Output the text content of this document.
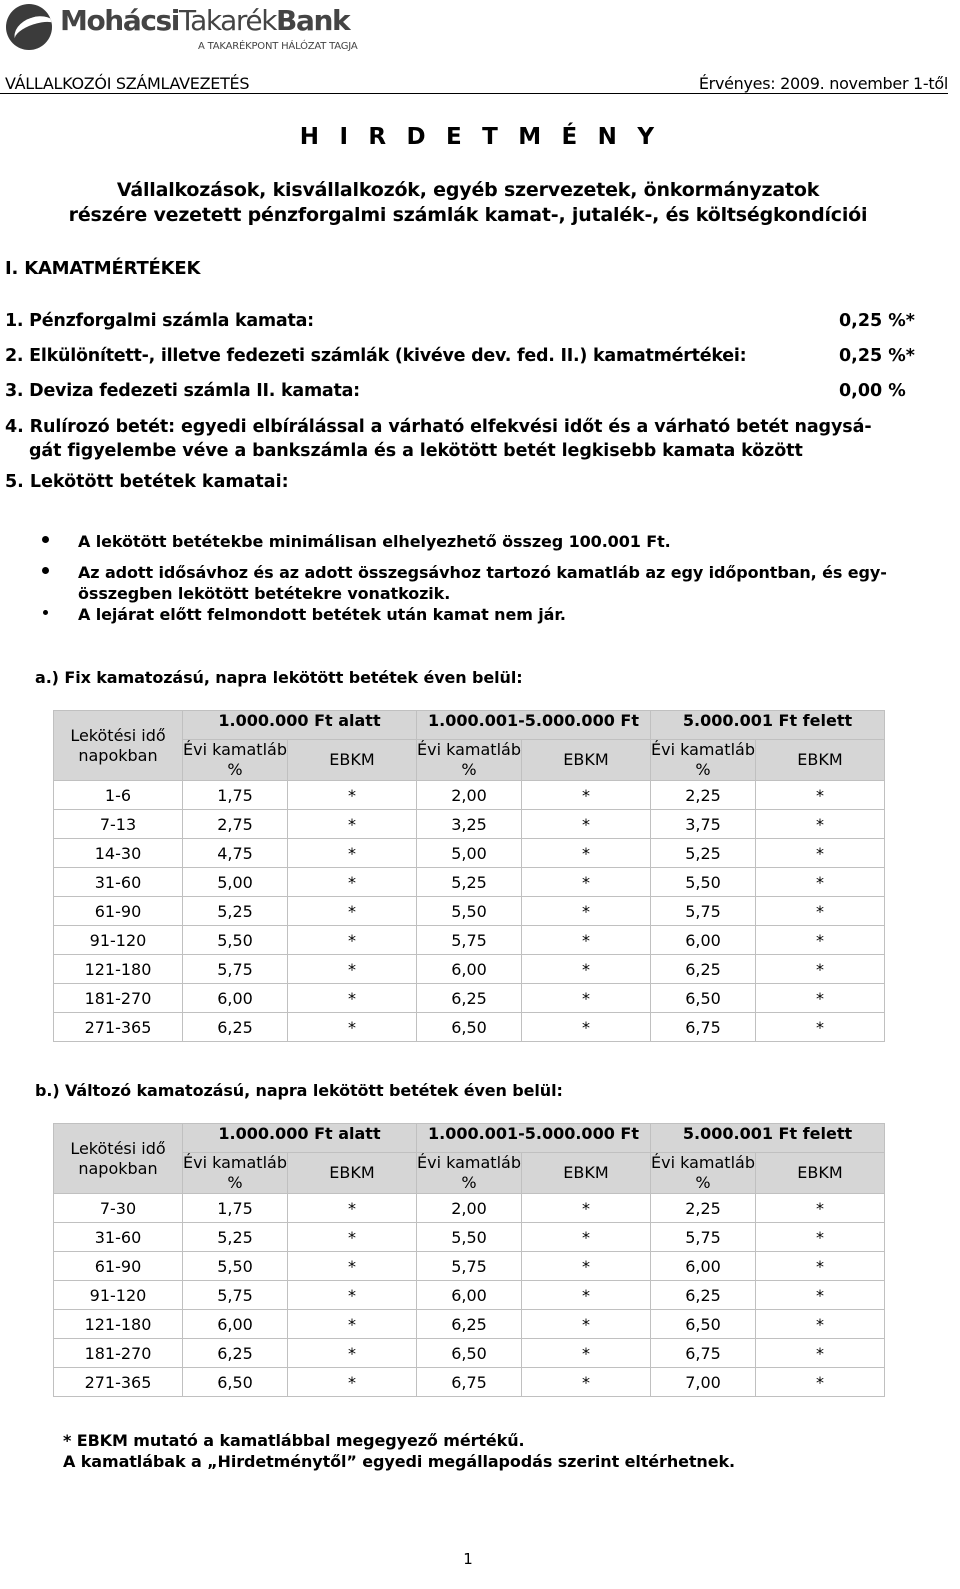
MohácsiTakarékBank
A TAKARÉKPONT HÁLÓZAT TAGJA
VÁLLALKOZÓI SZÁMLAVEZETÉS	Érvényes: 2009. november 1-től
H I R D E T M É N Y
Vállalkozások, kisvállalkozók, egyéb szervezetek, önkormányzatok
részére vezetett pénzforgalmi számlák kamat-, jutalék-, és költségkondíciói
I. KAMATMÉRTÉKEK
1. Pénzforgalmi számla kamata:	0,25 %*
2. Elkülönített-, illetve fedezeti számlák (kivéve dev. fed. II.) kamatmértékei:	0,25 %*
3. Deviza fedezeti számla II. kamata:	0,00 %
4. Rulírozó betét: egyedi elbírálással a várható elfekvési időt és a várható betét nagysá-
gát figyelembe véve a bankszámla és a lekötött betét legkisebb kamata között
5. Lekötött betétek kamatai:
A lekötött betétekbe minimálisan elhelyezhető összeg 100.001 Ft.
Az adott idősávhoz és az adott összegsávhoz tartozó kamatláb az egy időpontban, és egy-összegben lekötött betétekre vonatkozik.
A lejárat előtt felmondott betétek után kamat nem jár.
a.) Fix kamatozású, napra lekötött betétek éven belül:
Lekötési idő napokban	1.000.000 Ft alatt		1.000.001-5.000.000 Ft		5.000.001 Ft felett	
	Évi kamatláb %	EBKM	Évi kamatláb %	EBKM	Évi kamatláb %	EBKM
1-6	1,75	*	2,00	*	2,25	*
7-13	2,75	*	3,25	*	3,75	*
14-30	4,75	*	5,00	*	5,25	*
31-60	5,00	*	5,25	*	5,50	*
61-90	5,25	*	5,50	*	5,75	*
91-120	5,50	*	5,75	*	6,00	*
121-180	5,75	*	6,00	*	6,25	*
181-270	6,00	*	6,25	*	6,50	*
271-365	6,25	*	6,50	*	6,75	*
b.) Változó kamatozású, napra lekötött betétek éven belül:
Lekötési idő napokban	1.000.000 Ft alatt		1.000.001-5.000.000 Ft		5.000.001 Ft felett	
	Évi kamatláb %	EBKM	Évi kamatláb %	EBKM	Évi kamatláb %	EBKM
7-30	1,75	*	2,00	*	2,25	*
31-60	5,25	*	5,50	*	5,75	*
61-90	5,50	*	5,75	*	6,00	*
91-120	5,75	*	6,00	*	6,25	*
121-180	6,00	*	6,25	*	6,50	*
181-270	6,25	*	6,50	*	6,75	*
271-365	6,50	*	6,75	*	7,00	*
* EBKM mutató a kamatlábbal megegyező mértékű.
A kamatlábak a „Hirdetménytől” egyedi megállapodás szerint eltérhetnek.
1
